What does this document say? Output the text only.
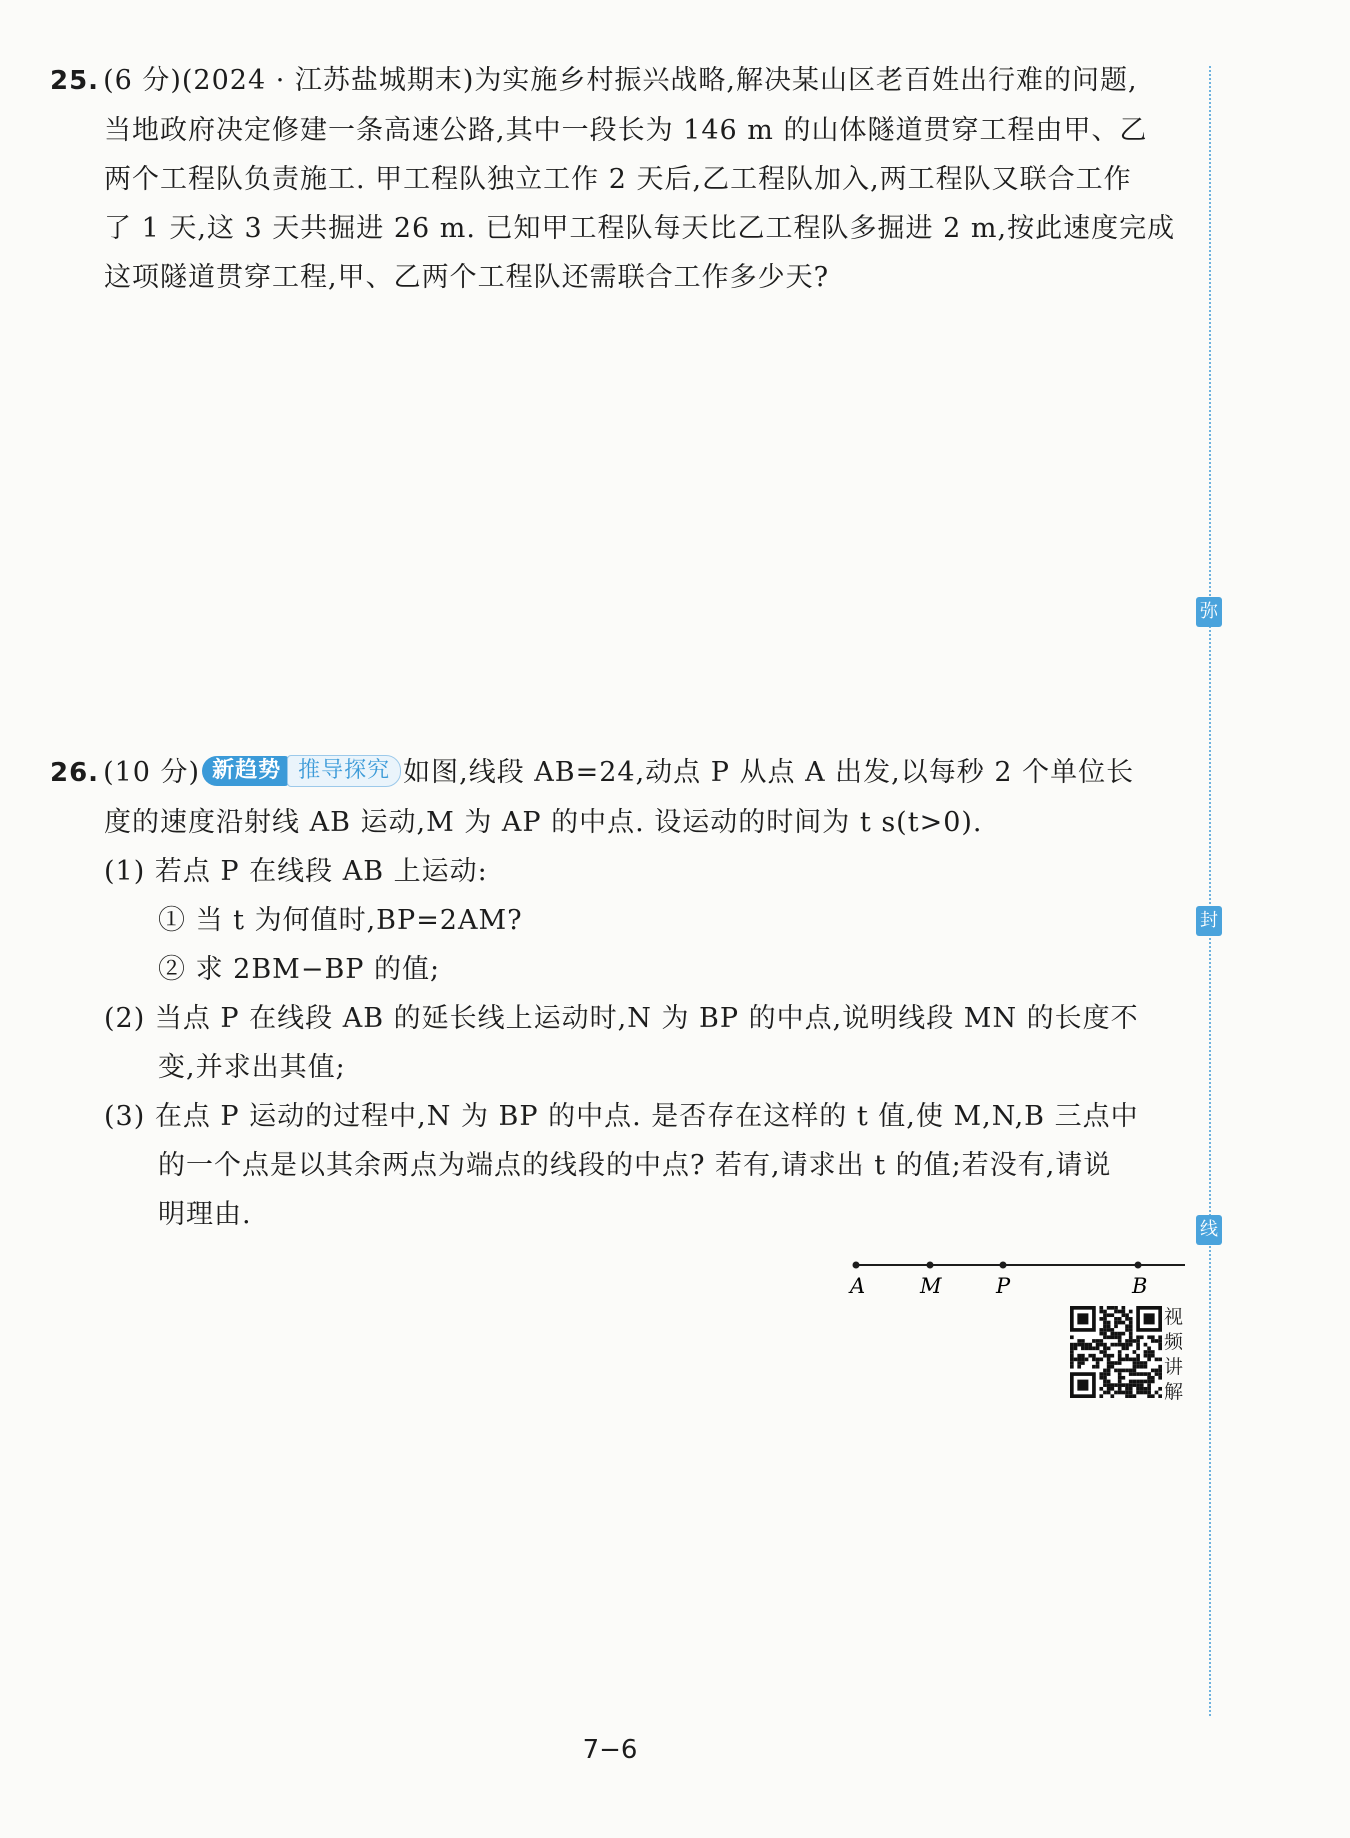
25. (6 分)(2024 · 江苏盐城期末)为实施乡村振兴战略,解决某山区老百姓出行难的问题,
当地政府决定修建一条高速公路,其中一段长为 146 m 的山体隧道贯穿工程由甲、乙
两个工程队负责施工. 甲工程队独立工作 2 天后,乙工程队加入,两工程队又联合工作
了 1 天,这 3 天共掘进 26 m. 已知甲工程队每天比乙工程队多掘进 2 m,按此速度完成
这项隧道贯穿工程,甲、乙两个工程队还需联合工作多少天?
26. (10 分) 新趋势 推导探究 如图,线段 AB=24,动点 P 从点 A 出发,以每秒 2 个单位长
度的速度沿射线 AB 运动,M 为 AP 的中点. 设运动的时间为 t s(t>0).
(1) 若点 P 在线段 AB 上运动:
① 当 t 为何值时,BP=2AM?
② 求 2BM−BP 的值;
(2) 当点 P 在线段 AB 的延长线上运动时,N 为 BP 的中点,说明线段 MN 的长度不
变,并求出其值;
(3) 在点 P 运动的过程中,N 为 BP 的中点. 是否存在这样的 t 值,使 M,N,B 三点中
的一个点是以其余两点为端点的线段的中点? 若有,请求出 t 的值;若没有,请说
明理由.
A	M	P	B
视
频
讲
解
弥
封
线
7−6
